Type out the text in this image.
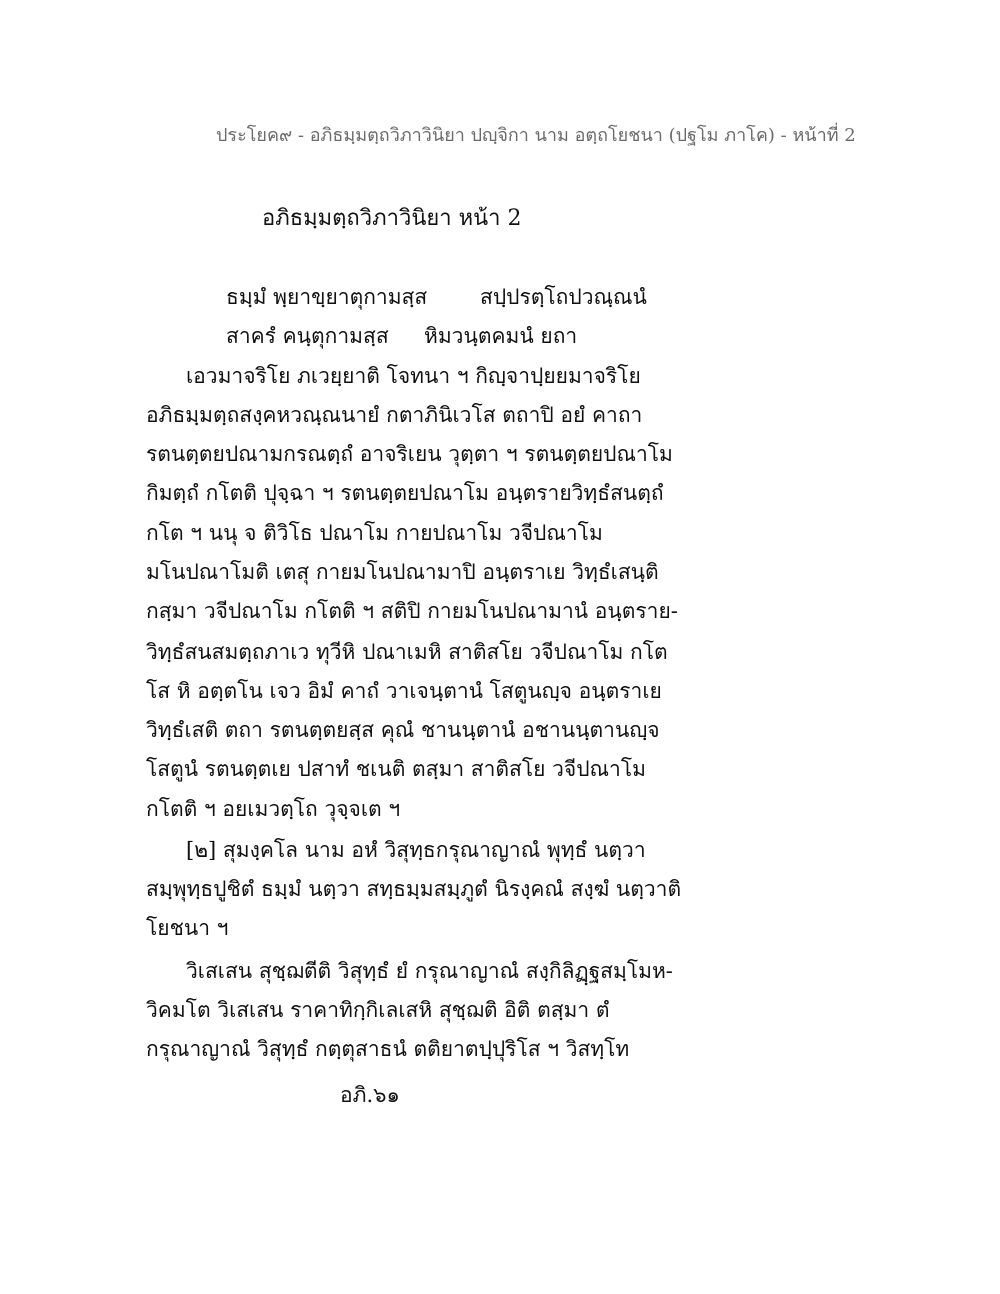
ประโยค๙ - อภิธมฺมตฺถวิภาวินิยา ปญฺจิกา นาม อตฺถโยชนา (ปฐโม ภาโค) - หน้าที่ 2
อภิธมฺมตฺถวิภาวินิยา หน้า 2
ธมฺมํ พฺยาขฺยาตุกามสฺส	สปฺปรตฺโถปวณฺณนํ
สาครํ คนฺตุกามสฺส หิมวนฺตคมนํ ยถา
เอวมาจริโย ภเวยฺยาติ โจทนา ฯ กิญฺจาปฺยยมาจริโย
อภิธมฺมตฺถสงฺคหวณฺณนายํ กตาภินิเวโส ตถาปิ อยํ คาถา
รตนตฺตยปณามกรณตฺถํ อาจริเยน วุตฺตา ฯ รตนตฺตยปณาโม
กิมตฺถํ กโตติ ปุจฺฉา ฯ รตนตฺตยปณาโม อนฺตรายวิทฺธํสนตฺถํ
กโต ฯ นนุ จ ติวิโธ ปณาโม กายปณาโม วจีปณาโม
มโนปณาโมติ เตสุ กายมโนปณามาปิ อนฺตราเย วิทฺธํเสนฺติ
กสฺมา วจีปณาโม กโตติ ฯ สติปิ กายมโนปณามานํ อนฺตราย-
วิทฺธํสนสมตฺถภาเว ทุวีหิ ปณาเมหิ สาติสโย วจีปณาโม กโต
โส หิ อตฺตโน เจว อิมํ คาถํ วาเจนฺตานํ โสตูนญฺจ อนฺตราเย
วิทฺธํเสติ ตถา รตนตฺตยสฺส คุณํ ชานนฺตานํ อชานนฺตานญฺจ
โสตูนํ รตนตฺตเย ปสาทํ ชเนติ ตสฺมา สาติสโย วจีปณาโม
กโตติ ฯ อยเมวตฺโถ วุจฺจเต ฯ
[๒] สุมงฺคโล นาม อหํ วิสุทฺธกรุณาญาณํ พุทฺธํ นตฺวา
สมฺพุทฺธปูชิตํ ธมฺมํ นตฺวา สทฺธมฺมสมฺภูตํ นิรงฺคณํ สงฺฆํ นตฺวาติ
โยชนา ฯ
วิเสเสน สุชฺฌตีติ วิสุทฺธํ ยํ กรุณาญาณํ สงฺกิลิฏฺฐสมฺโมห-
วิคมโต วิเสเสน ราคาทิกฺกิเลเสหิ สุชฺฌติ อิติ ตสฺมา ตํ
กรุณาญาณํ วิสุทฺธํ กตฺตุสาธนํ ตติยาตปฺปุริโส ฯ วิสทฺโท
อภิ.๖๑
